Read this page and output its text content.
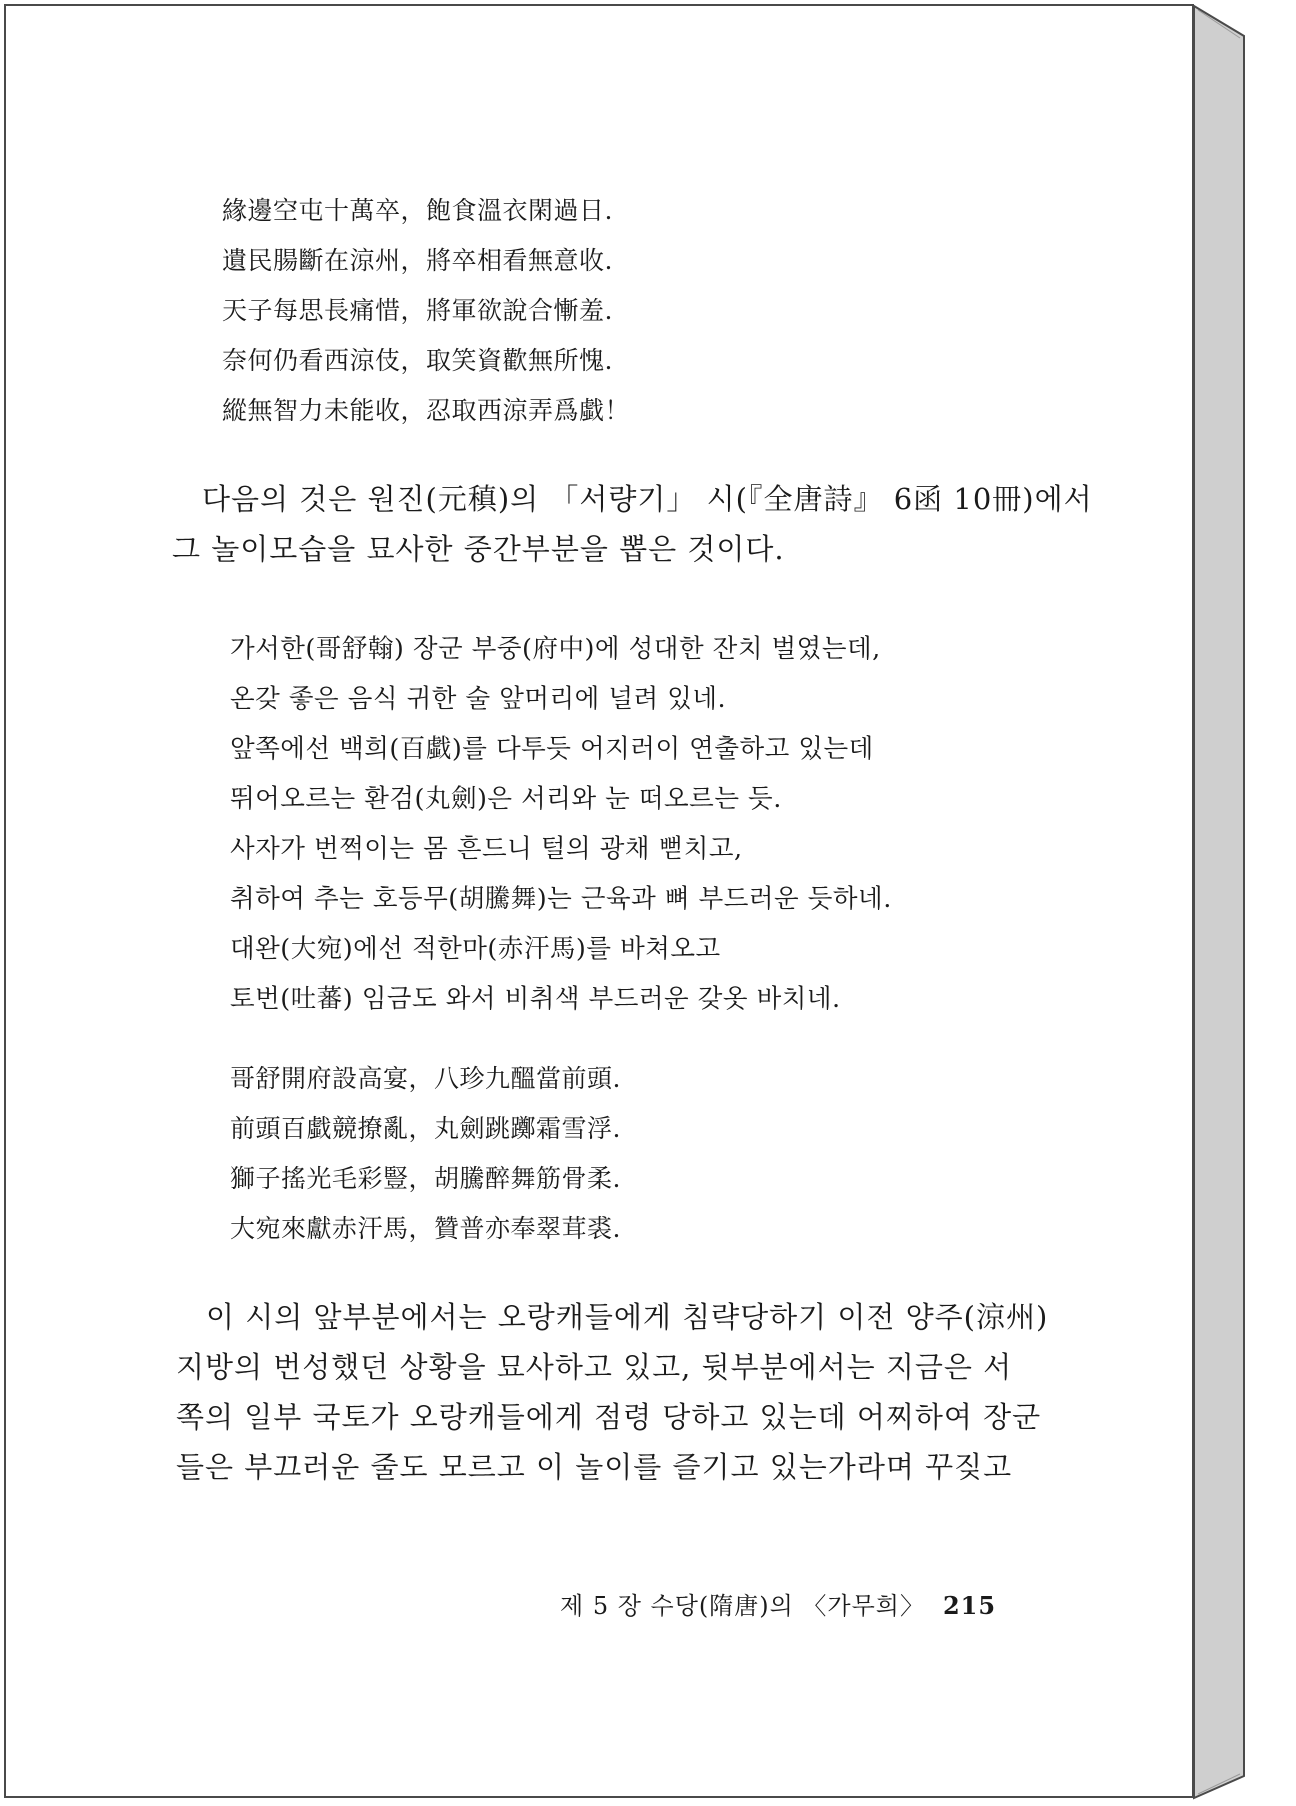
緣邊空屯十萬卒，飽食溫衣閑過日.
遺民腸斷在涼州，將卒相看無意收.
天子每思長痛惜，將軍欲說合慚羞.
奈何仍看西涼伎，取笑資歡無所愧.
縱無智力未能收，忍取西涼弄爲戱！
다음의 것은 원진(元稹)의 「서량기」 시(『全唐詩』 6函 10冊)에서
그 놀이모습을 묘사한 중간부분을 뽑은 것이다.
가서한(哥舒翰) 장군 부중(府中)에 성대한 잔치 벌였는데,
온갖 좋은 음식 귀한 술 앞머리에 널려 있네.
앞쪽에선 백희(百戱)를 다투듯 어지러이 연출하고 있는데
뛰어오르는 환검(丸劍)은 서리와 눈 떠오르는 듯.
사자가 번쩍이는 몸 흔드니 털의 광채 뻗치고,
취하여 추는 호등무(胡騰舞)는 근육과 뼈 부드러운 듯하네.
대완(大宛)에선 적한마(赤汗馬)를 바쳐오고
토번(吐蕃) 임금도 와서 비취색 부드러운 갖옷 바치네.
哥舒開府設高宴，八珍九醞當前頭.
前頭百戱競撩亂，丸劍跳躑霜雪浮.
獅子搖光毛彩豎，胡騰醉舞筋骨柔.
大宛來獻赤汗馬，贊普亦奉翠茸裘.
이 시의 앞부분에서는 오랑캐들에게 침략당하기 이전 양주(涼州)
지방의 번성했던 상황을 묘사하고 있고, 뒷부분에서는 지금은 서
쪽의 일부 국토가 오랑캐들에게 점령 당하고 있는데 어찌하여 장군
들은 부끄러운 줄도 모르고 이 놀이를 즐기고 있는가라며 꾸짖고
제 5 장 수당(隋唐)의 〈가무희〉 215
